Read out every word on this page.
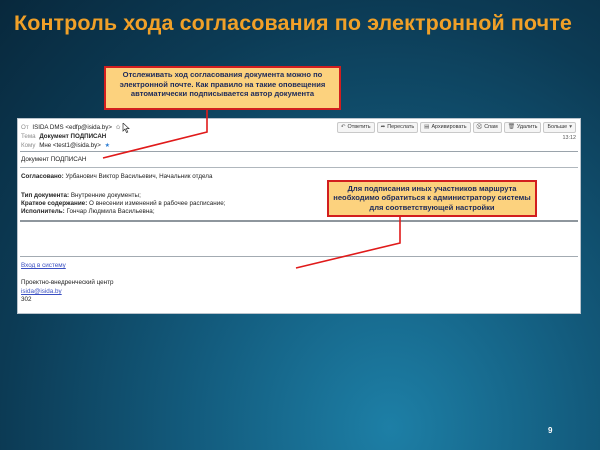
Контроль хода согласования по электронной почте
От ISIDA DMS <edfp@isida.by> ✩
Тема Документ ПОДПИСАН
Кому Мне <test1@isida.by> ★
↶ Ответить ➦ Переслать ▤ Архивировать ⛒ Спам 🗑 Удалить Больше ▾
13:12
Документ ПОДПИСАН
Согласовано: Урбанович Виктор Васильевич, Начальник отдела
Тип документа: Внутренние документы;
Краткое содержание: О внесении изменений в рабочее расписание;
Исполнитель: Гончар Людмила Васильевна;
Вход в систему
Проектно-внедренческий центр
isida@isida.by
302
Отслеживать ход согласования документа можно по электронной почте. Как правило на такие оповещения автоматически подписывается автор документа
Для подписания иных участников маршрута необходимо обратиться к администратору системы для соответствующей настройки
9
